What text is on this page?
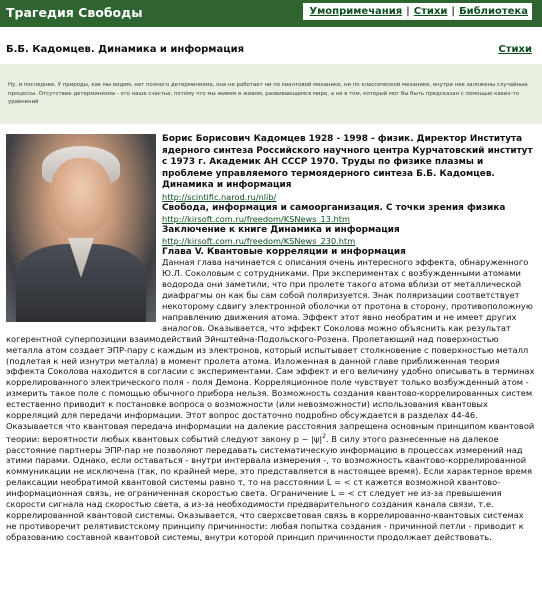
Трагедия Свободы	Умопримечания | Стихи | Библиотека
Б.Б. Кадомцев. Динамика и информация	Стихи
Ну, и последнее. У природы, как мы видим, нет полного детерминизма, она не работает ни по квантовой механике, ни по классической механике, внутри нее заложены случайные процессы. Отсутствие детерминизма - это наше счастье, потому что мы живем в живом, развивающемся мире, а не в том, который мог бы быть предсказан с помощью каких-то уравнений
Борис Борисович Кадомцев 1928 - 1998 - физик. Директор Института ядерного синтеза Российского научного центра Курчатовский институт с 1973 г. Академик АН СССР 1970. Труды по физике плазмы и проблеме управляемого термоядерного синтеза Б.Б. Кадомцев. Динамика и информация
http://scintific.narod.ru/nlib/
Свобода, информация и самоорганизация. С точки зрения физика
http://kirsoft.com.ru/freedom/KSNews_13.htm
Заключение к книге Динамика и информация
http://kirsoft.com.ru/freedom/KSNews_230.htm
Глава V. Квантовые корреляции и информация

Данная глава начинается с описания очень интересного эффекта, обнаруженного Ю.Л. Соколовым с сотрудниками. При экспериментах с возбужденными атомами водорода они заметили, что при пролете такого атома вблизи от металлической диафрагмы он как бы сам собой поляризуется. Знак поляризации соответствует некоторому сдвигу электронной оболочки от протона в сторону, противоположную направлению движения атома. Эффект этот явно необратим и не имеет других аналогов. Оказывается, что эффект Соколова можно объяснить как результат когерентной суперпозиции взаимодействий Эйнштейна-Подольского-Розена. Пролетающий над поверхностью металла атом создает ЭПР-пару с каждым из электронов, который испытывает столкновение с поверхностью металл (подлетая к ней изнутри металла) в момент пролета атома. Изложенная в данной главе приближенная теория эффекта Соколова находится в согласии с экспериментами. Сам эффект и его величину удобно описывать в терминах коррелированного электрического поля - поля Демона. Корреляционное поле чувствует только возбужденный атом - измерить такое поле с помощью обычного прибора нельзя. Возможность создания квантово-коррелированных систем естественно приводит к постановке вопроса о возможности (или невозможности) использования квантовых корреляций для передачи информации. Этот вопрос достаточно подробно обсуждается в разделах 44-46. Оказывается что квантовая передача информации на далекие расстояния запрещена основным принципом квантовой теории: вероятности любых квантовых событий следуют закону p ~ $|\psi|^2$. В силу этого разнесенные на далекое расстояние партнеры ЭПР-пар не позволяют передавать систематическую информацию в процессах измерений над этими парами. Однако, если оставаться - внутри интервала измерения -, то возможность квантово-коррелированной коммуникации не исключена (так, по крайней мере, это представляется в настоящее время). Если характерное время релаксации необратимой квантовой системы равно τ, то на расстоянии L = < cτ кажется возможной квантово-информационная связь, не ограниченная скоростью света. Ограничение L = < cτ следует не из-за превышения скорости сигнала над скоростью света, а из-за необходимости предварительного создания канала связи, т.е. коррелированной квантовой системы. Оказывается, что сверхсветовая связь в коррелированно-квантовых системах не противоречит релятивистскому принципу причинности: любая попытка создания - причинной петли - приводит к образованию составной квантовой системы, внутри которой принцип причинности продолжает действовать.
